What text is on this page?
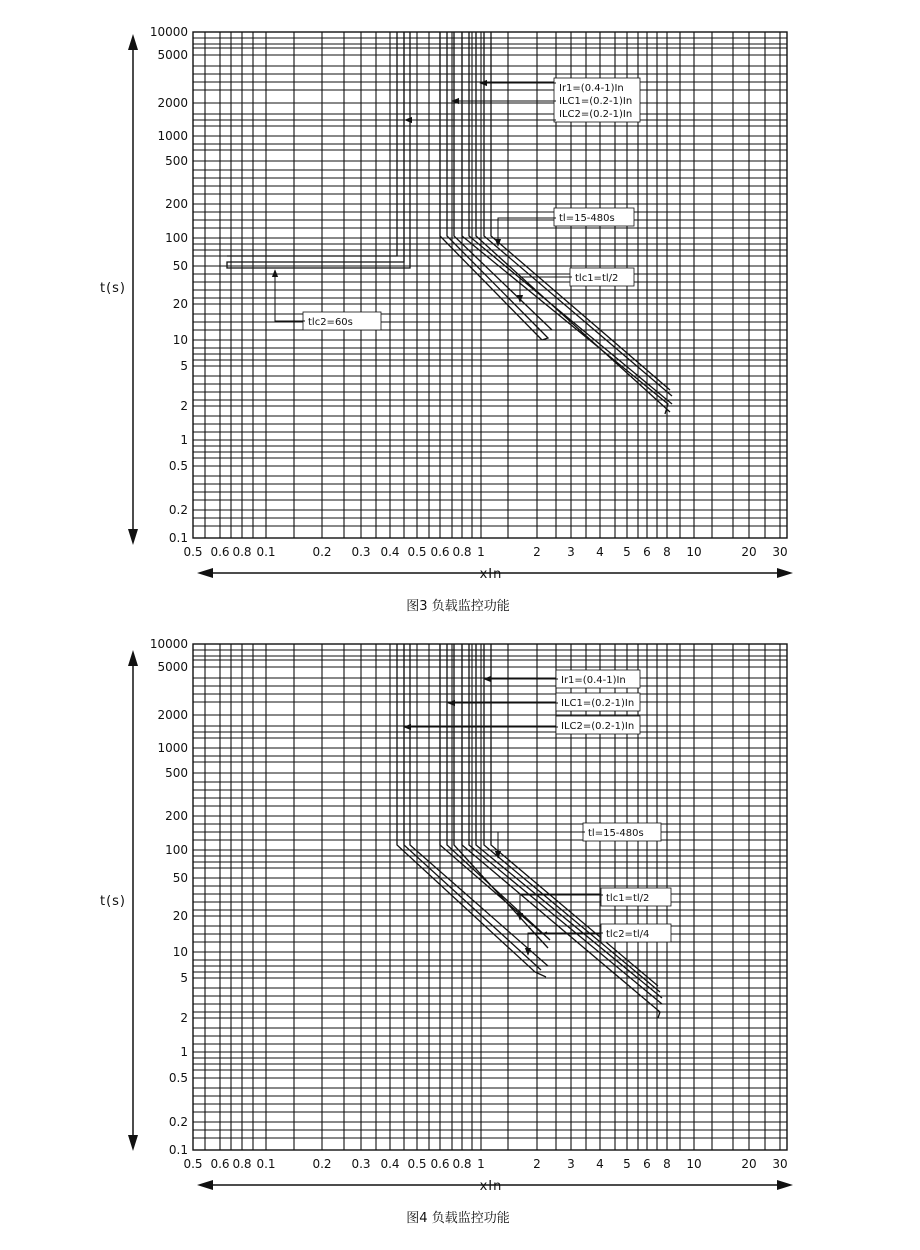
t(s)
xIn
10000
5000
2000
1000
500
200
100
50
20
10
5
2
1
0.5
0.2
0.1
0.5 0.6 0.8 0.1	0.2 0.3 0.4 0.5 0.6 0.8 1	2 3 4 5 6 8 10	20 30
Ir1=(0.4-1)In
ILC1=(0.2-1)In
ILC2=(0.2-1)In
tl=15-480s
tlc1=tl/2
tlc2=60s
图3 负载监控功能
t(s)
xIn
10000
5000
2000
1000
500
200
100
50
20
10
5
2
1
0.5
0.2
0.1
0.5 0.6 0.8 0.1	0.2 0.3 0.4 0.5 0.6 0.8 1	2 3 4 5 6 8 10	20 30
Ir1=(0.4-1)In
ILC1=(0.2-1)In
ILC2=(0.2-1)In
tl=15-480s
tlc1=tl/2
tlc2=tl/4
图4 负载监控功能
